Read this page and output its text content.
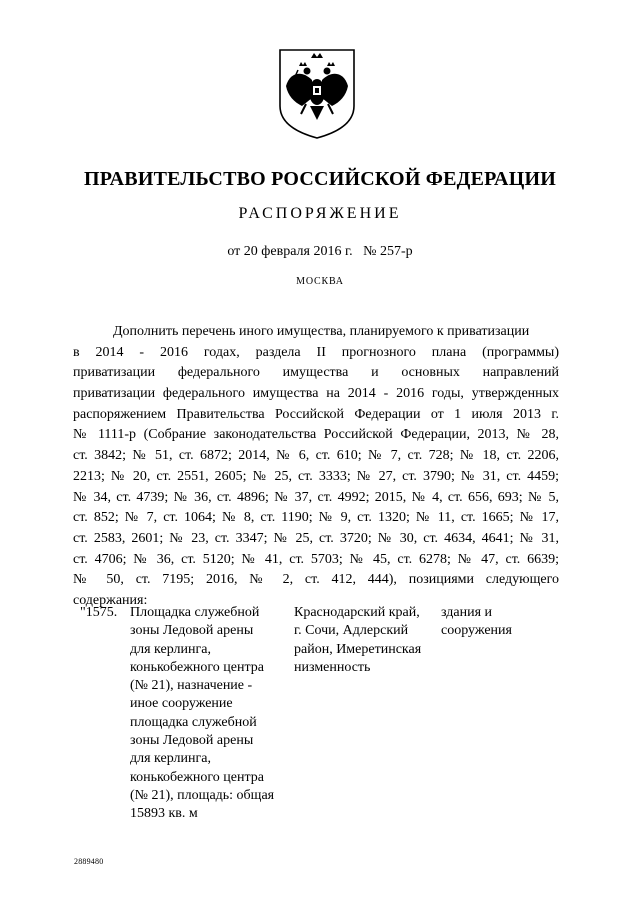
ПРАВИТЕЛЬСТВО РОССИЙСКОЙ ФЕДЕРАЦИИ
РАСПОРЯЖЕНИЕ
от 20 февраля 2016 г.   № 257-р
МОСКВА
Дополнить перечень иного имущества, планируемого к приватизации
в 2014 - 2016 годах, раздела II прогнозного плана (программы)
приватизации федерального имущества и основных направлений
приватизации федерального имущества на 2014 - 2016 годы, утвержденных
распоряжением Правительства Российской Федерации от 1 июля 2013 г.
№ 1111-р (Собрание законодательства Российской Федерации, 2013, № 28,
ст. 3842; № 51, ст. 6872; 2014, № 6, ст. 610; № 7, ст. 728; № 18, ст. 2206,
2213; № 20, ст. 2551, 2605; № 25, ст. 3333; № 27, ст. 3790; № 31, ст. 4459;
№ 34, ст. 4739; № 36, ст. 4896; № 37, ст. 4992; 2015, № 4, ст. 656, 693; № 5,
ст. 852; № 7, ст. 1064; № 8, ст. 1190; № 9, ст. 1320; № 11, ст. 1665; № 17,
ст. 2583, 2601; № 23, ст. 3347; № 25, ст. 3720; № 30, ст. 4634, 4641; № 31,
ст. 4706; № 36, ст. 5120; № 41, ст. 5703; № 45, ст. 6278; № 47, ст. 6639;
№ 50, ст. 7195; 2016, № 2, ст. 412, 444), позициями следующего
содержания:
"1575. Площадка служебной
зоны Ледовой арены
для керлинга,
конькобежного центра
(№ 21), назначение -
иное сооружение
площадка служебной
зоны Ледовой арены
для керлинга,
конькобежного центра
(№ 21), площадь: общая
15893 кв. м
Краснодарский край,
г. Сочи, Адлерский
район, Имеретинская
низменность
здания и
сооружения
2889480
